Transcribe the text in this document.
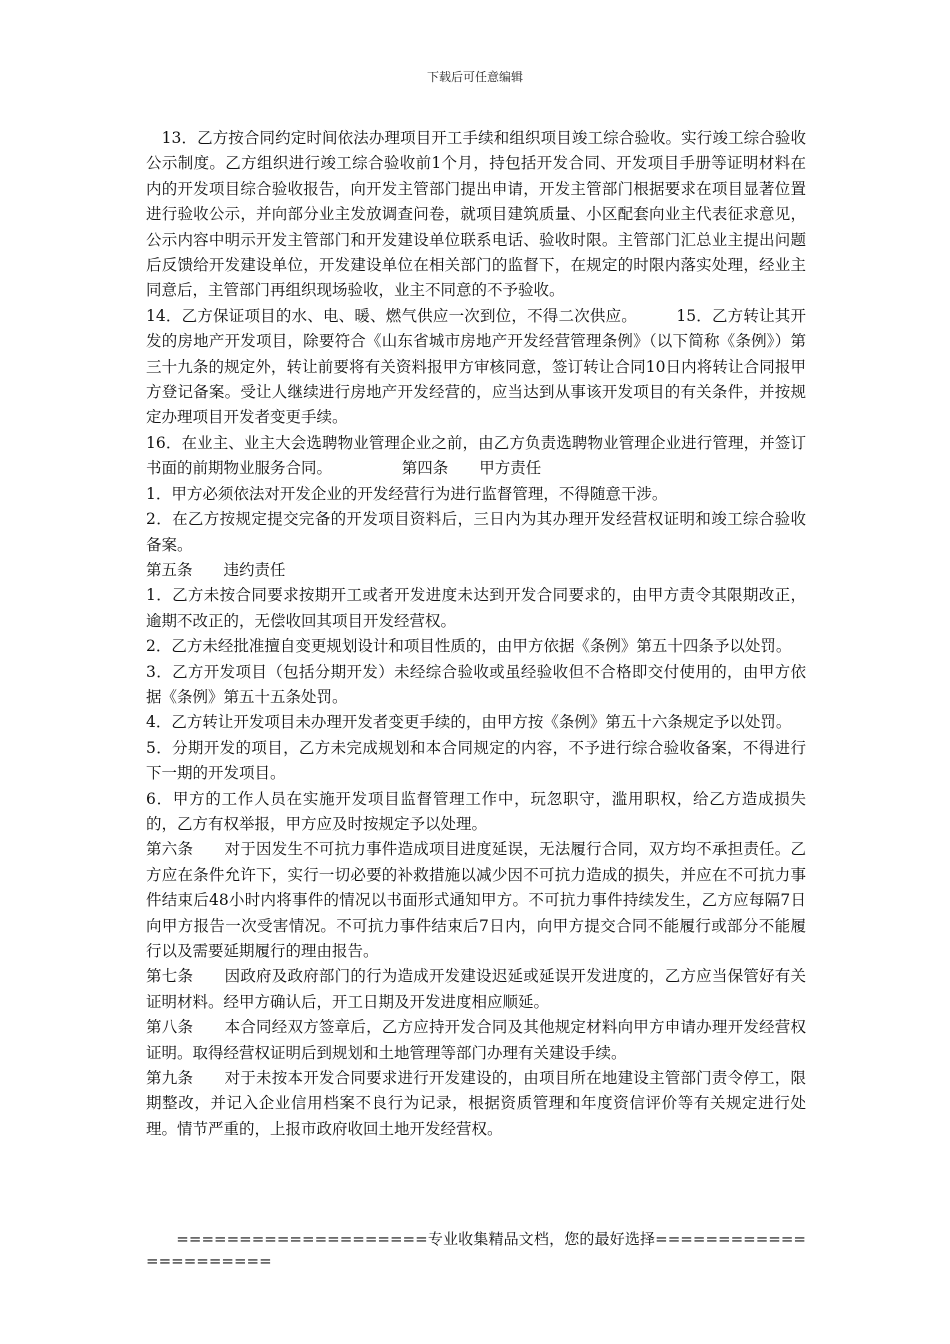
下载后可任意编辑

　13．乙方按合同约定时间依法办理项目开工手续和组织项目竣工综合验收。实行竣工综合验收公示制度。乙方组织进行竣工综合验收前1个月，持包括开发合同、开发项目手册等证明材料在内的开发项目综合验收报告，向开发主管部门提出申请，开发主管部门根据要求在项目显著位置进行验收公示，并向部分业主发放调查问卷，就项目建筑质量、小区配套向业主代表征求意见，公示内容中明示开发主管部门和开发建设单位联系电话、验收时限。主管部门汇总业主提出问题后反馈给开发建设单位，开发建设单位在相关部门的监督下，在规定的时限内落实处理，经业主同意后，主管部门再组织现场验收，业主不同意的不予验收。

14．乙方保证项目的水、电、暖、燃气供应一次到位，不得二次供应。　　　15．乙方转让其开发的房地产开发项目，除要符合《山东省城市房地产开发经营管理条例》（以下简称《条例》）第三十九条的规定外，转让前要将有关资料报甲方审核同意，签订转让合同10日内将转让合同报甲方登记备案。受让人继续进行房地产开发经营的，应当达到从事该开发项目的有关条件，并按规定办理项目开发者变更手续。

16．在业主、业主大会选聘物业管理企业之前，由乙方负责选聘物业管理企业进行管理，并签订书面的前期物业服务合同。　　　　　第四条　　甲方责任

1．甲方必须依法对开发企业的开发经营行为进行监督管理，不得随意干涉。

2．在乙方按规定提交完备的开发项目资料后，三日内为其办理开发经营权证明和竣工综合验收备案。

第五条　　违约责任

1．乙方未按合同要求按期开工或者开发进度未达到开发合同要求的，由甲方责令其限期改正，逾期不改正的，无偿收回其项目开发经营权。

2．乙方未经批准擅自变更规划设计和项目性质的，由甲方依据《条例》第五十四条予以处罚。

3．乙方开发项目（包括分期开发）未经综合验收或虽经验收但不合格即交付使用的，由甲方依据《条例》第五十五条处罚。

4．乙方转让开发项目未办理开发者变更手续的，由甲方按《条例》第五十六条规定予以处罚。

5．分期开发的项目，乙方未完成规划和本合同规定的内容，不予进行综合验收备案，不得进行下一期的开发项目。

6．甲方的工作人员在实施开发项目监督管理工作中，玩忽职守，滥用职权，给乙方造成损失的，乙方有权举报，甲方应及时按规定予以处理。

第六条　　对于因发生不可抗力事件造成项目进度延误，无法履行合同，双方均不承担责任。乙方应在条件允许下，实行一切必要的补救措施以减少因不可抗力造成的损失，并应在不可抗力事件结束后48小时内将事件的情况以书面形式通知甲方。不可抗力事件持续发生，乙方应每隔7日向甲方报告一次受害情况。不可抗力事件结束后7日内，向甲方提交合同不能履行或部分不能履行以及需要延期履行的理由报告。

第七条　　因政府及政府部门的行为造成开发建设迟延或延误开发进度的，乙方应当保管好有关证明材料。经甲方确认后，开工日期及开发进度相应顺延。

第八条　　本合同经双方签章后，乙方应持开发合同及其他规定材料向甲方申请办理开发经营权证明。取得经营权证明后到规划和土地管理等部门办理有关建设手续。

第九条　　对于未按本开发合同要求进行开发建设的，由项目所在地建设主管部门责令停工，限期整改，并记入企业信用档案不良行为记录，根据资质管理和年度资信评价等有关规定进行处理。情节严重的，上报市政府收回土地开发经营权。

　　====================专业收集精品文档，您的最好选择======================
